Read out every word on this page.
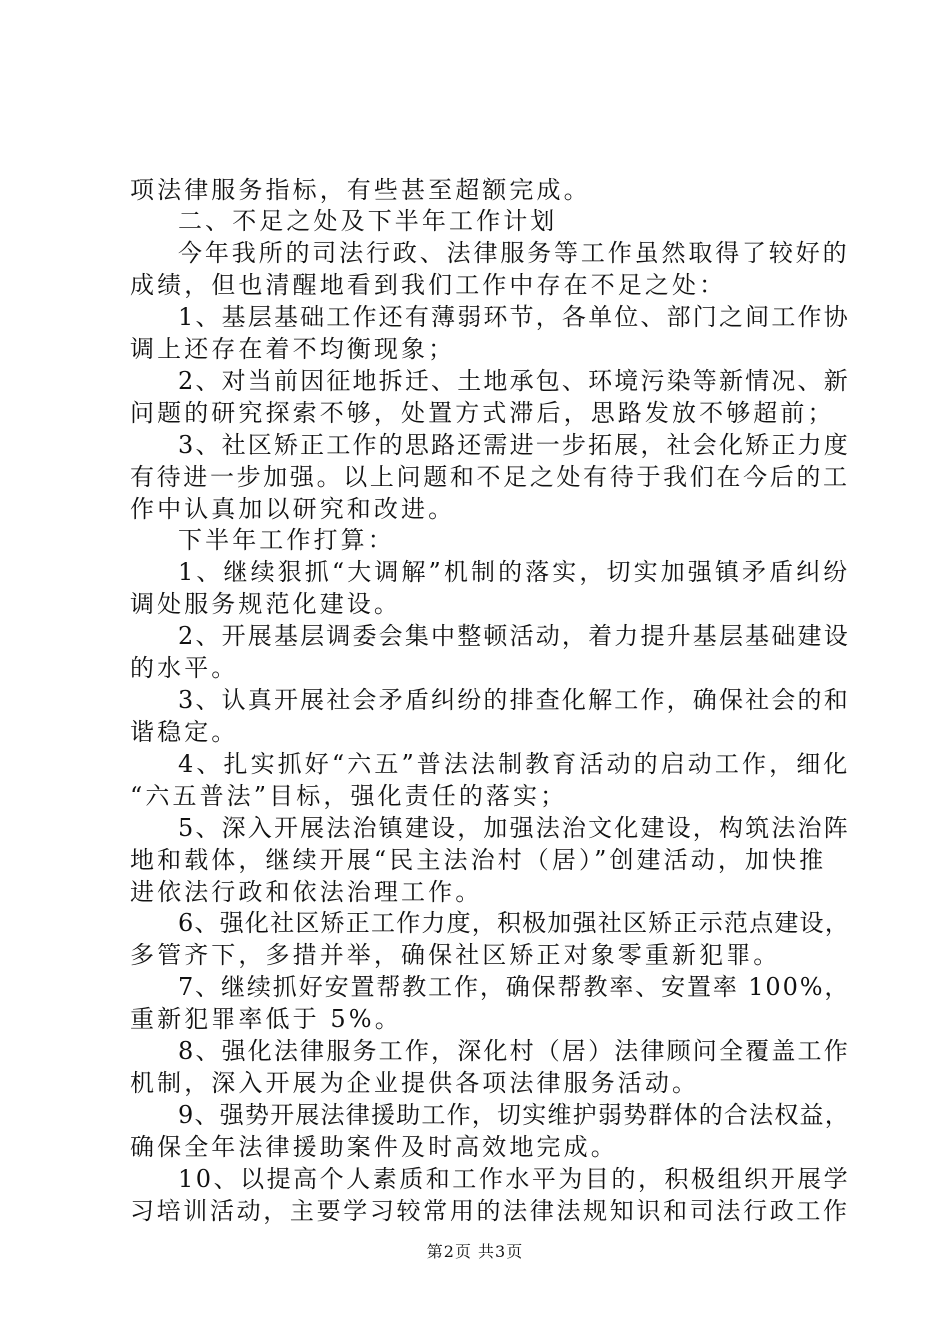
项法律服务指标，有些甚至超额完成。
二、不足之处及下半年工作计划
今年我所的司法行政、法律服务等工作虽然取得了较好的
成绩，但也清醒地看到我们工作中存在不足之处：
1、基层基础工作还有薄弱环节，各单位、部门之间工作协
调上还存在着不均衡现象；
2、对当前因征地拆迁、土地承包、环境污染等新情况、新
问题的研究探索不够，处置方式滞后，思路发放不够超前；
3、社区矫正工作的思路还需进一步拓展，社会化矫正力度
有待进一步加强。以上问题和不足之处有待于我们在今后的工
作中认真加以研究和改进。
下半年工作打算：
1、继续狠抓“大调解”机制的落实，切实加强镇矛盾纠纷
调处服务规范化建设。
2、开展基层调委会集中整顿活动，着力提升基层基础建设
的水平。
3、认真开展社会矛盾纠纷的排查化解工作，确保社会的和
谐稳定。
4、扎实抓好“六五”普法法制教育活动的启动工作，细化
“六五普法”目标，强化责任的落实；
5、深入开展法治镇建设，加强法治文化建设，构筑法治阵
地和载体，继续开展“民主法治村（居）”创建活动，加快推
进依法行政和依法治理工作。
6、强化社区矫正工作力度，积极加强社区矫正示范点建设，
多管齐下，多措并举，确保社区矫正对象零重新犯罪。
7、继续抓好安置帮教工作，确保帮教率、安置率 100%，
重新犯罪率低于 5%。
8、强化法律服务工作，深化村（居）法律顾问全覆盖工作
机制，深入开展为企业提供各项法律服务活动。
9、强势开展法律援助工作，切实维护弱势群体的合法权益，
确保全年法律援助案件及时高效地完成。
10、以提高个人素质和工作水平为目的，积极组织开展学
习培训活动，主要学习较常用的法律法规知识和司法行政工作
第2页 共3页
